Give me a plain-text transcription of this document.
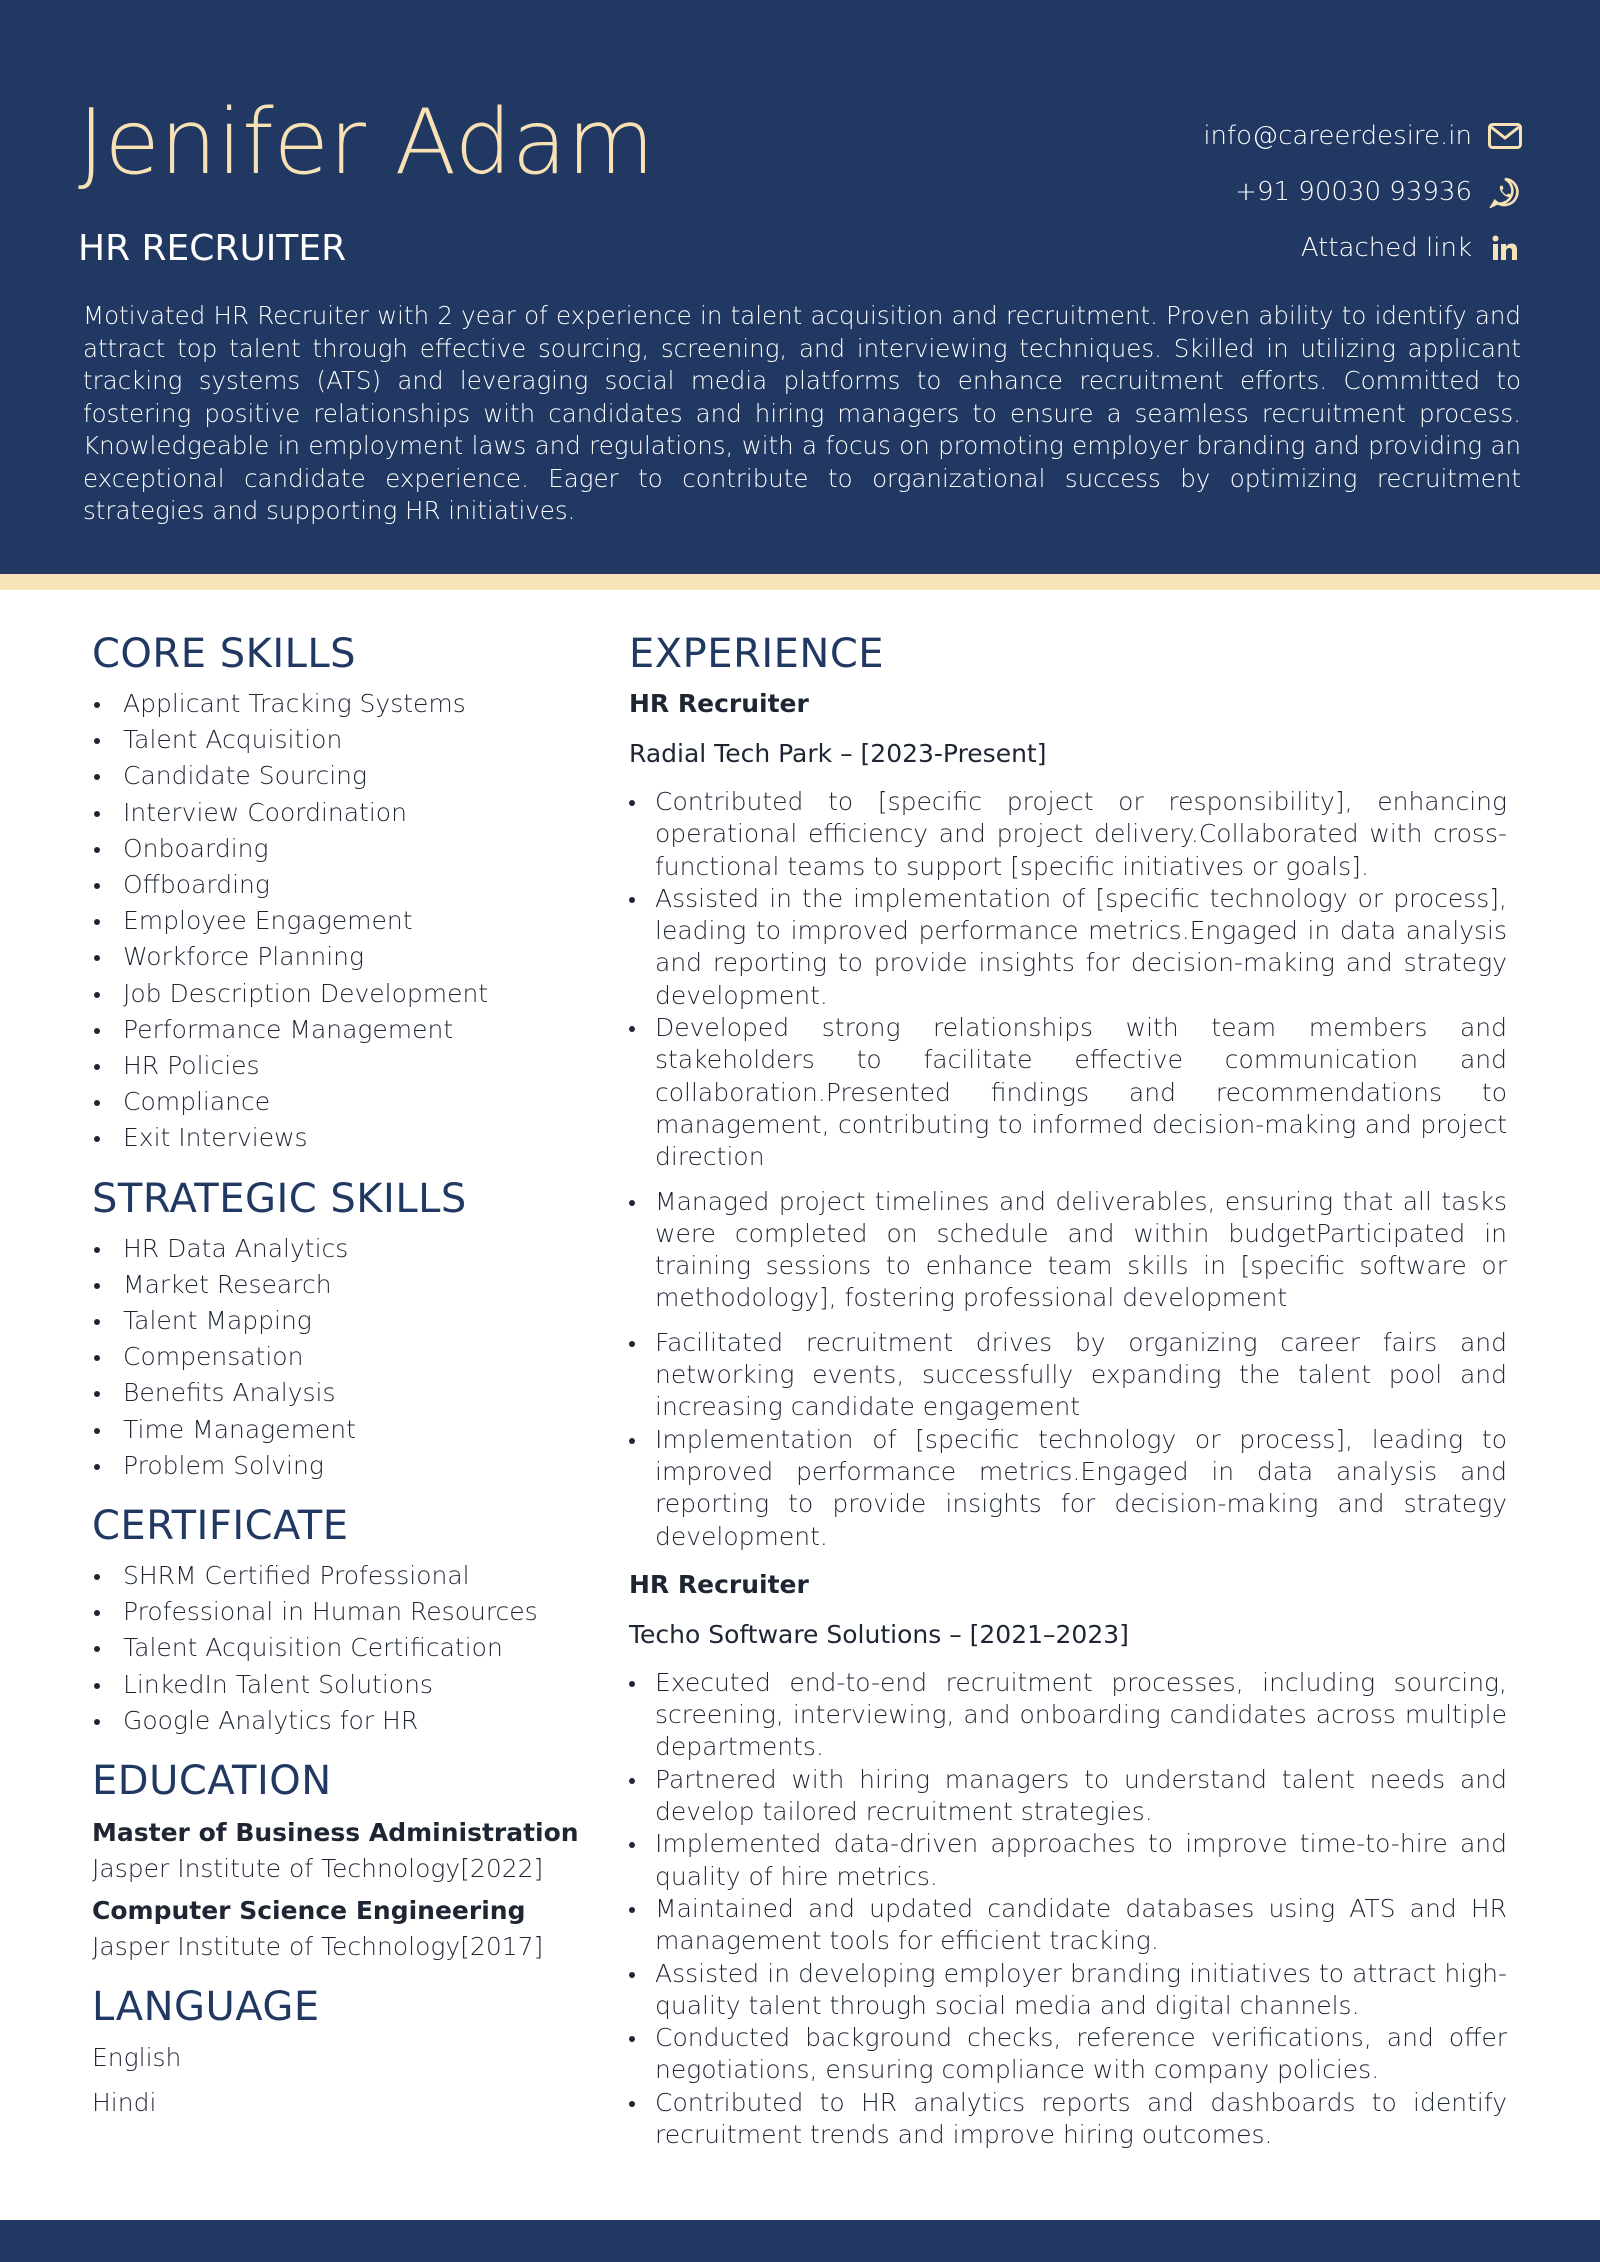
Jenifer Adam
HR RECRUITER
info@careerdesire.in
+91 90030 93936
Attached link

Motivated HR Recruiter with 2 year of experience in talent acquisition and recruitment. Proven ability to identify and attract top talent through effective sourcing, screening, and interviewing techniques. Skilled in utilizing applicant tracking systems (ATS) and leveraging social media platforms to enhance recruitment efforts. Committed to fostering positive relationships with candidates and hiring managers to ensure a seamless recruitment process. Knowledgeable in employment laws and regulations, with a focus on promoting employer branding and providing an exceptional candidate experience. Eager to contribute to organizational success by optimizing recruitment strategies and supporting HR initiatives.

CORE SKILLS
Applicant Tracking Systems
Talent Acquisition
Candidate Sourcing
Interview Coordination
Onboarding
Offboarding
Employee Engagement
Workforce Planning
Job Description Development
Performance Management
HR Policies
Compliance
Exit Interviews
STRATEGIC SKILLS
HR Data Analytics
Market Research
Talent Mapping
Compensation
Benefits Analysis
Time Management
Problem Solving
CERTIFICATE
SHRM Certified Professional
Professional in Human Resources
Talent Acquisition Certification
LinkedIn Talent Solutions
Google Analytics for HR
EDUCATION
Master of Business Administration
Jasper Institute of Technology[2022]
Computer Science Engineering
Jasper Institute of Technology[2017]
LANGUAGE
English
Hindi
EXPERIENCE
HR Recruiter
Radial Tech Park – [2023-Present]
Contributed to [specific project or responsibility], enhancing operational efficiency and project delivery.Collaborated with cross-functional teams to support [specific initiatives or goals].
Assisted in the implementation of [specific technology or process], leading to improved performance metrics.Engaged in data analysis and reporting to provide insights for decision-making and strategy development.
Developed strong relationships with team members and stakeholders to facilitate effective communication and collaboration.Presented findings and recommendations to management, contributing to informed decision-making and project direction
Managed project timelines and deliverables, ensuring that all tasks were completed on schedule and within budgetParticipated in training sessions to enhance team skills in [specific software or methodology], fostering professional development
Facilitated recruitment drives by organizing career fairs and networking events, successfully expanding the talent pool and increasing candidate engagement
Implementation of [specific technology or process], leading to improved performance metrics.Engaged in data analysis and reporting to provide insights for decision-making and strategy development.
HR Recruiter
Techo Software Solutions – [2021–2023]
Executed end-to-end recruitment processes, including sourcing, screening, interviewing, and onboarding candidates across multiple departments.
Partnered with hiring managers to understand talent needs and develop tailored recruitment strategies.
Implemented data-driven approaches to improve time-to-hire and quality of hire metrics.
Maintained and updated candidate databases using ATS and HR management tools for efficient tracking.
Assisted in developing employer branding initiatives to attract high-quality talent through social media and digital channels.
Conducted background checks, reference verifications, and offer negotiations, ensuring compliance with company policies.
Contributed to HR analytics reports and dashboards to identify recruitment trends and improve hiring outcomes.
